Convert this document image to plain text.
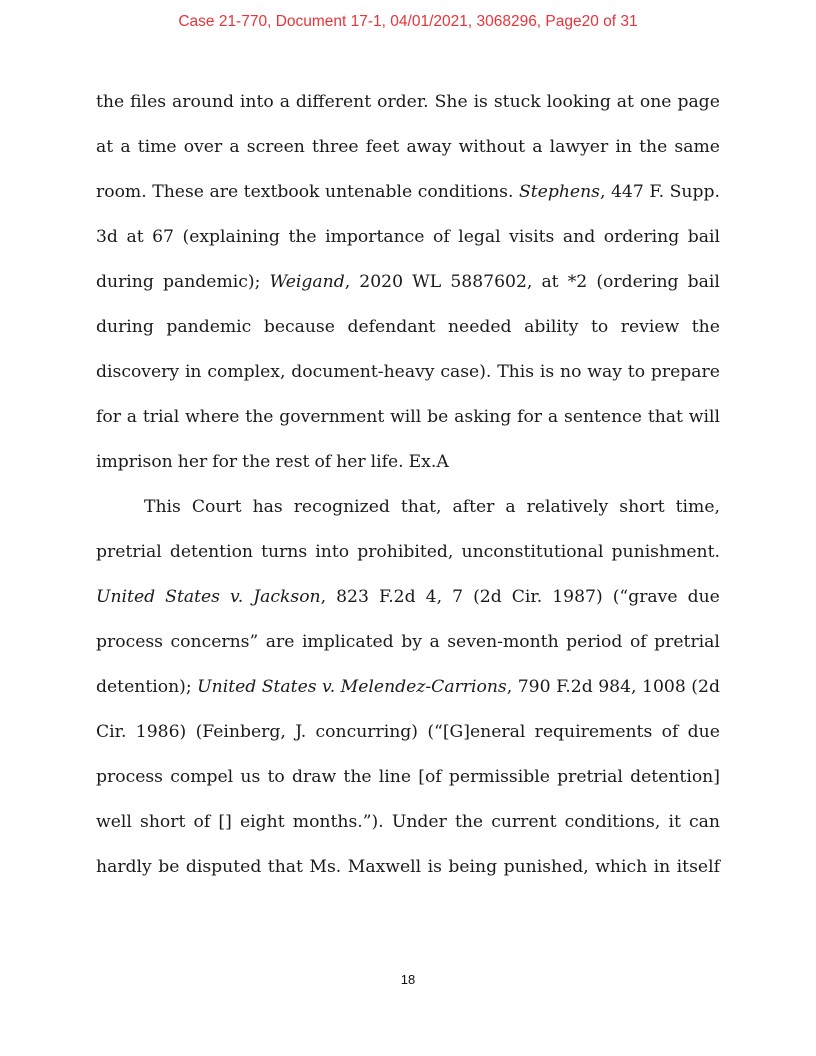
Case 21-770, Document 17-1, 04/01/2021, 3068296, Page20 of 31
the files around into a different order. She is stuck looking at one page
at a time over a screen three feet away without a lawyer in the same
room. These are textbook untenable conditions. Stephens, 447 F. Supp.
3d at 67 (explaining the importance of legal visits and ordering bail
during pandemic); Weigand, 2020 WL 5887602, at *2 (ordering bail
during pandemic because defendant needed ability to review the
discovery in complex, document-heavy case). This is no way to prepare
for a trial where the government will be asking for a sentence that will
imprison her for the rest of her life. Ex.A
This Court has recognized that, after a relatively short time,
pretrial detention turns into prohibited, unconstitutional punishment.
United States v. Jackson, 823 F.2d 4, 7 (2d Cir. 1987) (“grave due
process concerns” are implicated by a seven-month period of pretrial
detention); United States v. Melendez-Carrions, 790 F.2d 984, 1008 (2d
Cir. 1986) (Feinberg, J. concurring) (“[G]eneral requirements of due
process compel us to draw the line [of permissible pretrial detention]
well short of [] eight months.”). Under the current conditions, it can
hardly be disputed that Ms. Maxwell is being punished, which in itself
18
